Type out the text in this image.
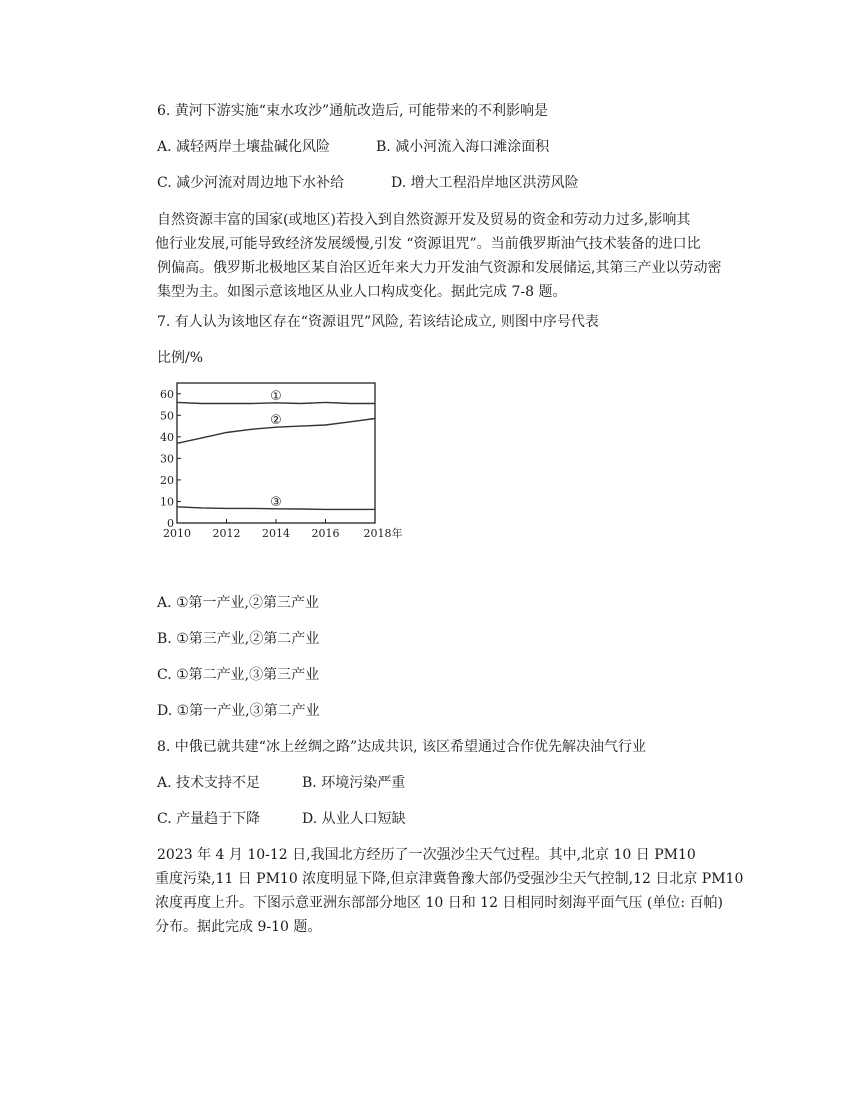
6. 黄河下游实施“束水攻沙”通航改造后, 可能带来的不利影响是
A. 减轻两岸土壤盐碱化风险	B. 减小河流入海口滩涂面积
C. 减少河流对周边地下水补给	D. 增大工程沿岸地区洪涝风险

自然资源丰富的国家(或地区)若投入到自然资源开发及贸易的资金和劳动力过多,影响其

他行业发展,可能导致经济发展缓慢,引发 “资源诅咒”。当前俄罗斯油气技术装备的进口比

例偏高。俄罗斯北极地区某自治区近年来大力开发油气资源和发展储运,其第三产业以劳动密

集型为主。如图示意该地区从业人口构成变化。据此完成 7-8 题。

7. 有人认为该地区存在“资源诅咒”风险, 若该结论成立, 则图中序号代表
比例/%
0
10
20
30
40
50
60
2010 2012 2014 2016 2018年
①
②
③
A. ①第一产业,②第三产业
B. ①第三产业,②第二产业
C. ①第二产业,③第三产业
D. ①第一产业,③第二产业
8. 中俄已就共建“冰上丝绸之路”达成共识, 该区希望通过合作优先解决油气行业
A. 技术支持不足	B. 环境污染严重
C. 产量趋于下降	D. 从业人口短缺

2023 年 4 月 10-12 日,我国北方经历了一次强沙尘天气过程。其中,北京 10 日 PM10

重度污染,11 日 PM10 浓度明显下降,但京津冀鲁豫大部仍受强沙尘天气控制,12 日北京 PM10

浓度再度上升。下图示意亚洲东部部分地区 10 日和 12 日相同时刻海平面气压 (单位: 百帕)

分布。据此完成 9-10 题。
